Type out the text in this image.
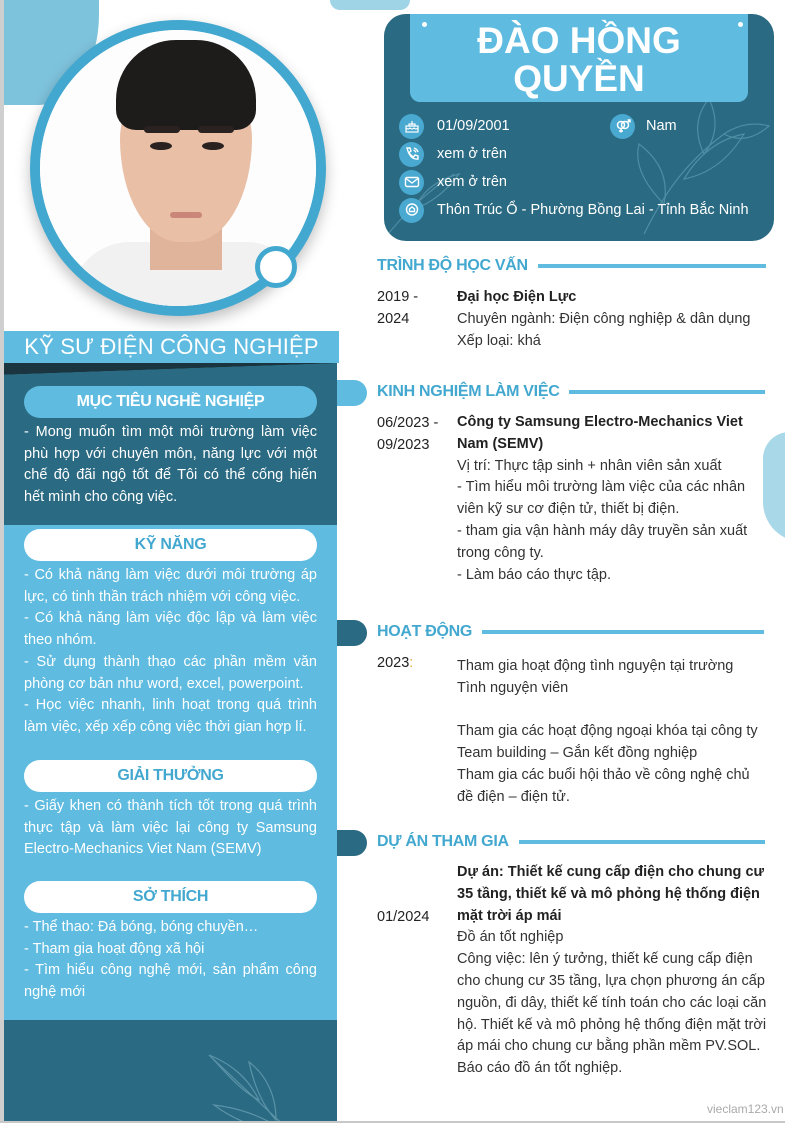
KỸ SƯ ĐIỆN CÔNG NGHIỆP
MỤC TIÊU NGHỀ NGHIỆP
- Mong muốn tìm một môi trường làm việc phù hợp với chuyên môn, năng lực với một chế độ đãi ngộ tốt để Tôi có thể cống hiến hết mình cho công việc.
KỸ NĂNG

- Có khả năng làm việc dưới môi trường áp lực, có tinh thần trách nhiệm với công việc.

- Có khả năng làm việc độc lập và làm việc theo nhóm.

- Sử dụng thành thạo các phần mềm văn phòng cơ bản như word, excel, powerpoint.

- Học việc nhanh, linh hoạt trong quá trình làm việc, xếp xếp công việc thời gian hợp lí.

GIẢI THƯỞNG
- Giấy khen có thành tích tốt trong quá trình thực tập và làm việc lại công ty Samsung Electro-Mechanics Viet Nam (SEMV)
SỞ THÍCH

- Thể thao: Đá bóng, bóng chuyền…

- Tham gia hoạt động xã hội

- Tìm hiểu công nghệ mới, sản phẩm công nghệ mới

ĐÀO HỒNG
QUYỀN
01/09/2001	Nam
xem ở trên
xem ở trên
Thôn Trúc Ổ - Phường Bồng Lai - Tỉnh Bắc Ninh
TRÌNH ĐỘ HỌC VẤN
2019 -
2024
Đại học Điện Lực
Chuyên ngành: Điện công nghiệp & dân dụng
Xếp loại: khá
KINH NGHIỆM LÀM VIỆC
06/2023 -
09/2023
Công ty Samsung Electro-Mechanics Viet Nam (SEMV)
Vị trí: Thực tập sinh + nhân viên sản xuất
- Tìm hiểu môi trường làm việc của các nhân viên kỹ sư cơ điện tử, thiết bị điện.
- tham gia vận hành máy dây truyền sản xuất trong công ty.
- Làm báo cáo thực tập.
HOẠT ĐỘNG
2023:	Tham gia hoạt động tình nguyện tại trường
Tình nguyện viên
Tham gia các hoạt động ngoại khóa tại công ty
Team building – Gắn kết đồng nghiệp
Tham gia các buổi hội thảo về công nghệ chủ đề điện – điện tử.
DỰ ÁN THAM GIA
01/2024
Dự án: Thiết kế cung cấp điện cho chung cư 35 tầng, thiết kế và mô phỏng hệ thống điện mặt trời áp mái
Đồ án tốt nghiệp
Công việc: lên ý tưởng, thiết kế cung cấp điện cho chung cư 35 tầng, lựa chọn phương án cấp nguồn, đi dây, thiết kế tính toán cho các loại căn hộ. Thiết kế và mô phỏng hệ thống điện mặt trời áp mái cho chung cư bằng phần mềm PV.SOL. Báo cáo đồ án tốt nghiệp.
vieclam123.vn
